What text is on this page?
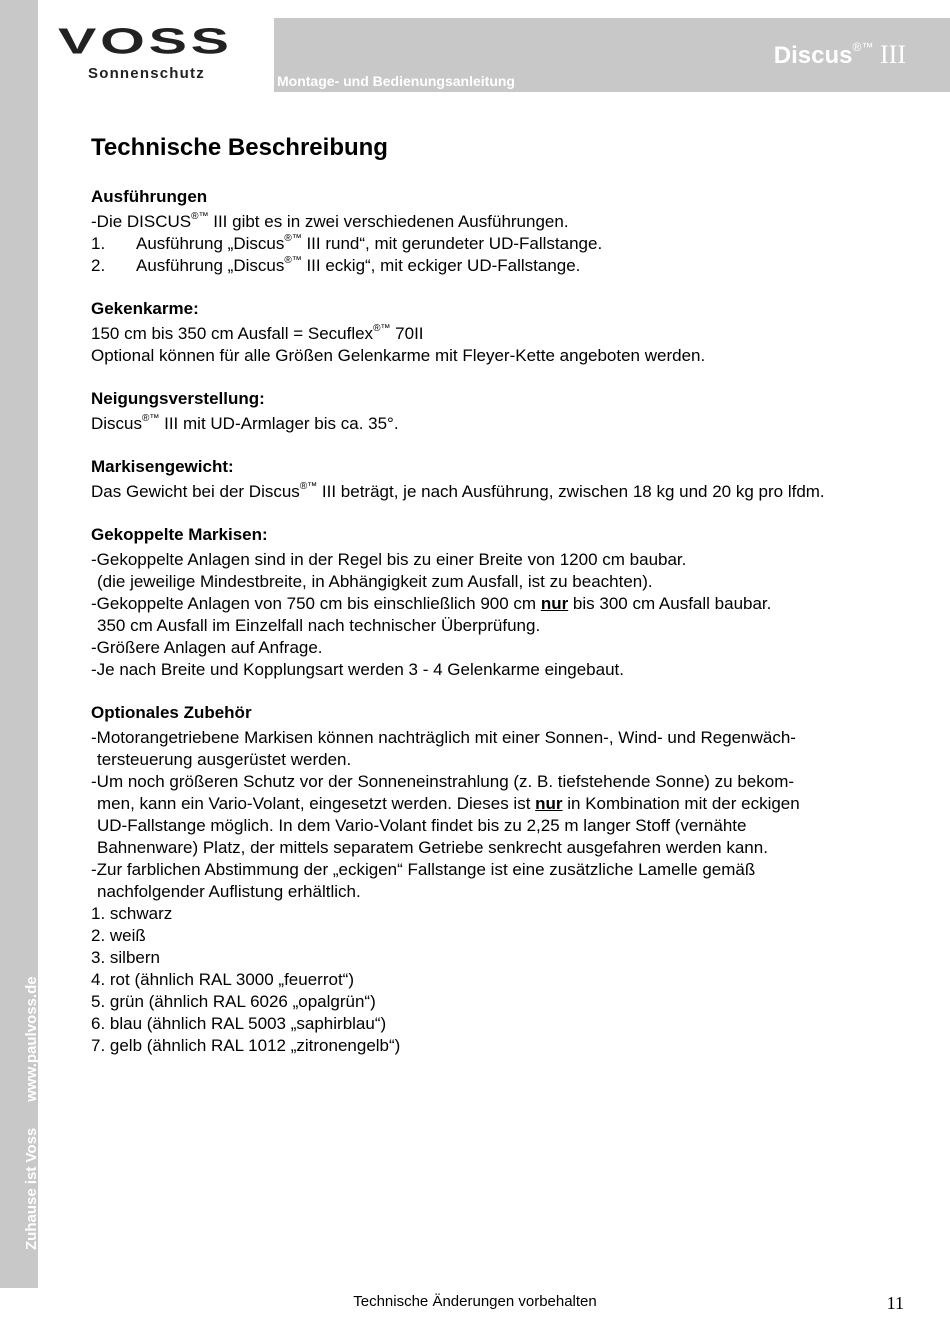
Zuhause ist Vosswww.paulvoss.de
VOSS
Sonnenschutz	Montage- und Bedienungsanleitung
Discus®™ III
Technische Beschreibung
Ausführungen

-Die DISCUS®™ III gibt es in zwei verschiedenen Ausführungen.

1.	Ausführung „Discus®™ III rund“, mit gerundeter UD-Fallstange.
2.	Ausführung „Discus®™ III eckig“, mit eckiger UD-Fallstange.
Gekenkarme:

150 cm bis 350 cm Ausfall = Secuflex®™ 70II

Optional können für alle Größen Gelenkarme mit Fleyer-Kette angeboten werden.

Neigungsverstellung:

Discus®™ III mit UD-Armlager bis ca. 35°.

Markisengewicht:

Das Gewicht bei der Discus®™ III beträgt, je nach Ausführung, zwischen 18 kg und 20 kg pro lfdm.

Gekoppelte Markisen:

-Gekoppelte Anlagen sind in der Regel bis zu einer Breite von 1200 cm baubar.

(die jeweilige Mindestbreite, in Abhängigkeit zum Ausfall, ist zu beachten).

-Gekoppelte Anlagen von 750 cm bis einschließlich 900 cm nur bis 300 cm Ausfall baubar.

350 cm Ausfall im Einzelfall nach technischer Überprüfung.

-Größere Anlagen auf Anfrage.

-Je nach Breite und Kopplungsart werden 3 - 4 Gelenkarme eingebaut.

Optionales Zubehör

-Motorangetriebene Markisen können nachträglich mit einer Sonnen-, Wind- und Regenwäch-

tersteuerung ausgerüstet werden.

-Um noch größeren Schutz vor der Sonneneinstrahlung (z. B. tiefstehende Sonne) zu bekom-

men, kann ein Vario-Volant, eingesetzt werden. Dieses ist nur in Kombination mit der eckigen

UD-Fallstange möglich. In dem Vario-Volant findet bis zu 2,25 m langer Stoff (vernähte

Bahnenware) Platz, der mittels separatem Getriebe senkrecht ausgefahren werden kann.

-Zur farblichen Abstimmung der „eckigen“ Fallstange ist eine zusätzliche Lamelle gemäß

nachfolgender Auflistung erhältlich.

1. schwarz

2. weiß

3. silbern

4. rot (ähnlich RAL 3000 „feuerrot“)

5. grün (ähnlich RAL 6026 „opalgrün“)

6. blau (ähnlich RAL 5003 „saphirblau“)

7. gelb (ähnlich RAL 1012 „zitronengelb“)

Technische Änderungen vorbehalten	11
